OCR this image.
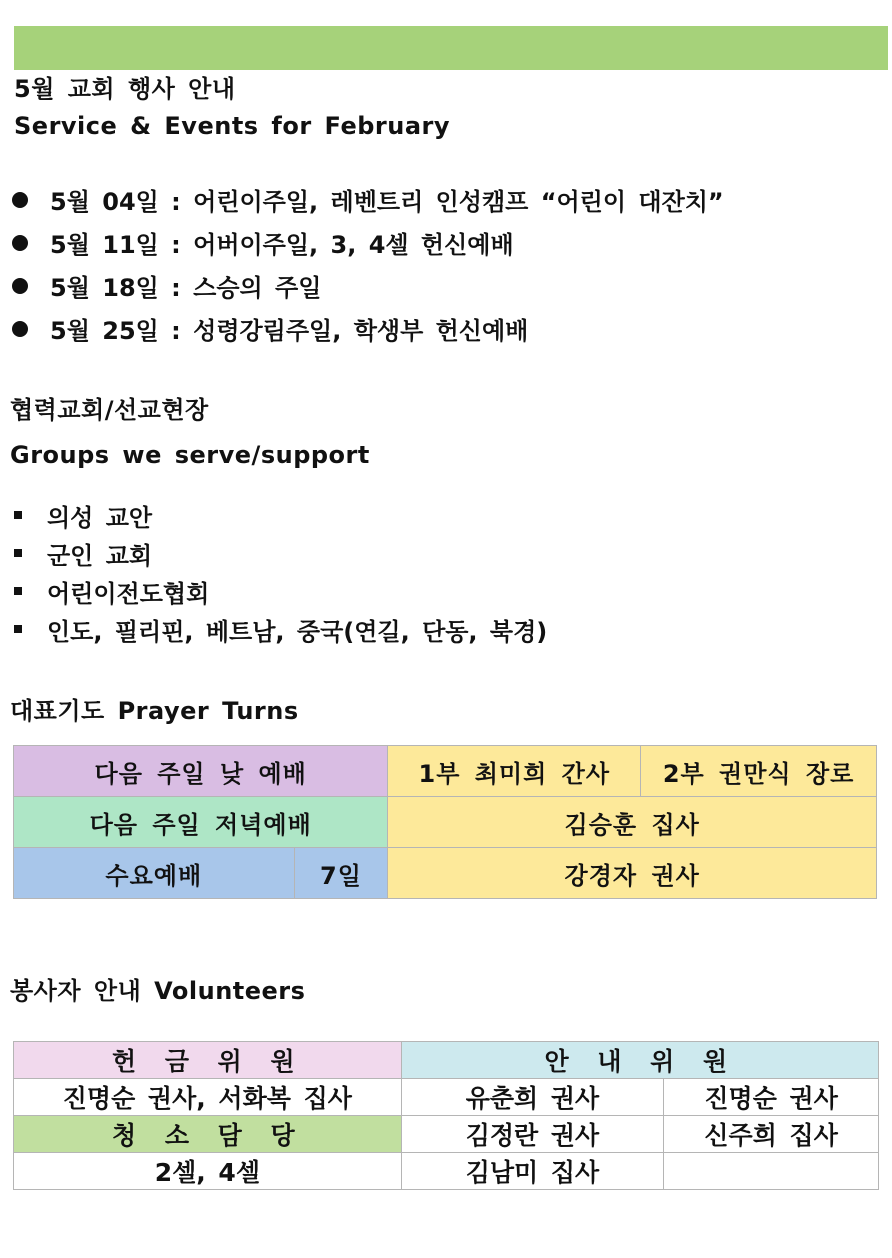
5월 교회 행사 안내
Service & Events for February
5월 04일 : 어린이주일, 레벤트리 인성캠프 “어린이 대잔치”
5월 11일 : 어버이주일, 3, 4셀 헌신예배
5월 18일 : 스승의 주일
5월 25일 : 성령강림주일, 학생부 헌신예배
협력교회/선교현장
Groups we serve/support
의성 교안
군인 교회
어린이전도협회
인도, 필리핀, 베트남, 중국(연길, 단동, 북경)
대표기도 Prayer Turns
다음 주일 낮 예배		1부 최미희 간사	2부 권만식 장로
다음 주일 저녁예배		김승훈 집사	
수요예배	7일	강경자 권사	
봉사자 안내 Volunteers
헌 금 위 원	안 내 위 원	
진명순 권사, 서화복 집사	유춘희 권사	진명순 권사
청 소 담 당	김정란 권사	신주희 집사
2셀, 4셀	김남미 집사	
